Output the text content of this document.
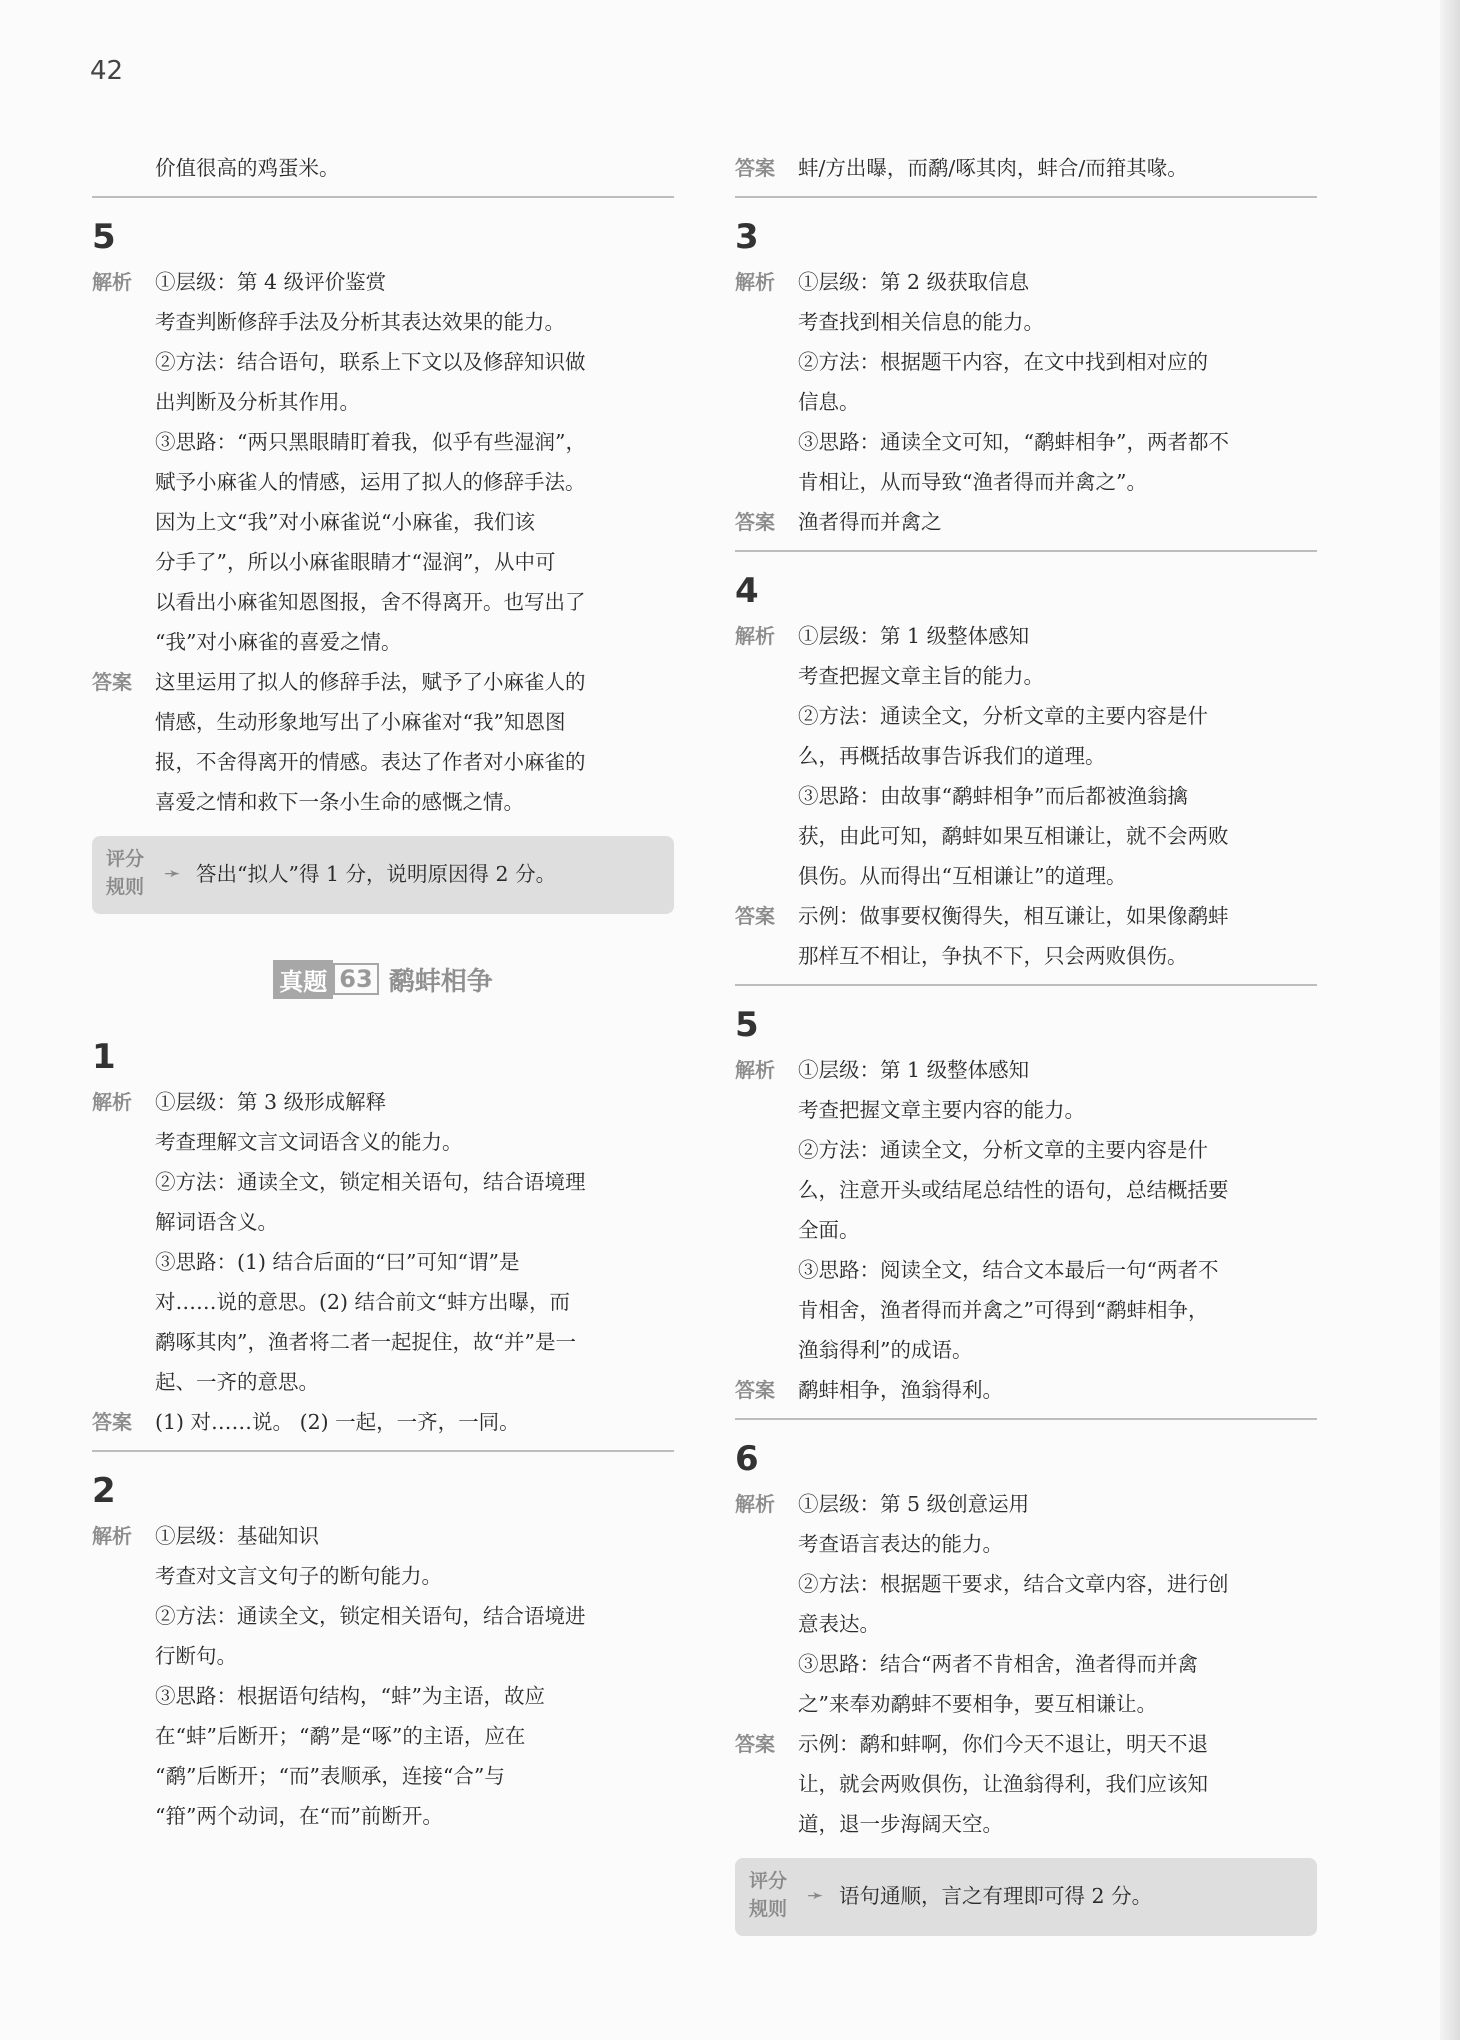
42
价值很高的鸡蛋米。
5
解析 ①层级：第 4 级评价鉴赏
考查判断修辞手法及分析其表达效果的能力。
②方法：结合语句，联系上下文以及修辞知识做
出判断及分析其作用。
③思路：“两只黑眼睛盯着我，似乎有些湿润”，
赋予小麻雀人的情感，运用了拟人的修辞手法。
因为上文“我”对小麻雀说“小麻雀，我们该
分手了”，所以小麻雀眼睛才“湿润”，从中可
以看出小麻雀知恩图报，舍不得离开。也写出了
“我”对小麻雀的喜爱之情。
答案 这里运用了拟人的修辞手法，赋予了小麻雀人的
情感，生动形象地写出了小麻雀对“我”知恩图
报，不舍得离开的情感。表达了作者对小麻雀的
喜爱之情和救下一条小生命的感慨之情。
评分
规则
➛ 答出“拟人”得 1 分，说明原因得 2 分。
真题 63 鹬蚌相争
1
解析 ①层级：第 3 级形成解释
考查理解文言文词语含义的能力。
②方法：通读全文，锁定相关语句，结合语境理
解词语含义。
③思路：(1) 结合后面的“曰”可知“谓”是
对……说的意思。(2) 结合前文“蚌方出曝，而
鹬啄其肉”，渔者将二者一起捉住，故“并”是一
起、一齐的意思。
答案 (1) 对……说。 (2) 一起，一齐，一同。
2
解析 ①层级：基础知识
考查对文言文句子的断句能力。
②方法：通读全文，锁定相关语句，结合语境进
行断句。
③思路：根据语句结构，“蚌”为主语，故应
在“蚌”后断开；“鹬”是“啄”的主语，应在
“鹬”后断开；“而”表顺承，连接“合”与
“箝”两个动词，在“而”前断开。
答案 蚌/方出曝，而鹬/啄其肉，蚌合/而箝其喙。
3
解析 ①层级：第 2 级获取信息
考查找到相关信息的能力。
②方法：根据题干内容，在文中找到相对应的
信息。
③思路：通读全文可知，“鹬蚌相争”，两者都不
肯相让，从而导致“渔者得而并禽之”。
答案 渔者得而并禽之
4
解析 ①层级：第 1 级整体感知
考查把握文章主旨的能力。
②方法：通读全文，分析文章的主要内容是什
么，再概括故事告诉我们的道理。
③思路：由故事“鹬蚌相争”而后都被渔翁擒
获，由此可知，鹬蚌如果互相谦让，就不会两败
俱伤。从而得出“互相谦让”的道理。
答案 示例：做事要权衡得失，相互谦让，如果像鹬蚌
那样互不相让，争执不下，只会两败俱伤。
5
解析 ①层级：第 1 级整体感知
考查把握文章主要内容的能力。
②方法：通读全文，分析文章的主要内容是什
么，注意开头或结尾总结性的语句，总结概括要
全面。
③思路：阅读全文，结合文本最后一句“两者不
肯相舍，渔者得而并禽之”可得到“鹬蚌相争，
渔翁得利”的成语。
答案 鹬蚌相争，渔翁得利。
6
解析 ①层级：第 5 级创意运用
考查语言表达的能力。
②方法：根据题干要求，结合文章内容，进行创
意表达。
③思路：结合“两者不肯相舍，渔者得而并禽
之”来奉劝鹬蚌不要相争，要互相谦让。
答案 示例：鹬和蚌啊，你们今天不退让，明天不退
让，就会两败俱伤，让渔翁得利，我们应该知
道，退一步海阔天空。
评分
规则
➛ 语句通顺，言之有理即可得 2 分。
